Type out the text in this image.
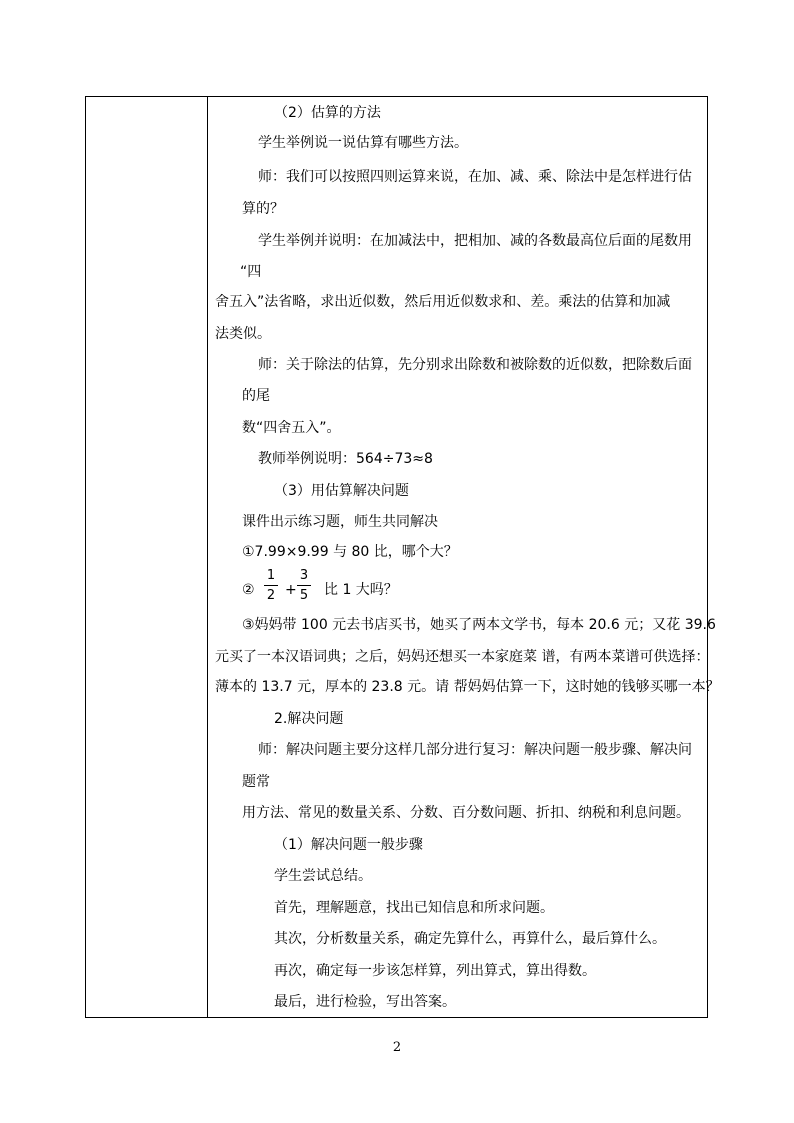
（2）估算的方法
学生举例说一说估算有哪些方法。
师：我们可以按照四则运算来说，在加、减、乘、除法中是怎样进行估
算的？
学生举例并说明：在加减法中，把相加、减的各数最高位后面的尾数用
“四
舍五入”法省略，求出近似数，然后用近似数求和、差。乘法的估算和加减
法类似。
师：关于除法的估算，先分别求出除数和被除数的近似数，把除数后面
的尾
数“四舍五入”。
教师举例说明：564÷73≈8
（3）用估算解决问题
课件出示练习题，师生共同解决
①7.99×9.99 与 80 比，哪个大？
②
1
2 +
3
5 比 1 大吗？
③妈妈带 100 元去书店买书，她买了两本文学书，每本 20.6 元；又花 39.6
元买了一本汉语词典；之后，妈妈还想买一本家庭菜 谱，有两本菜谱可供选择：
薄本的 13.7 元，厚本的 23.8 元。请 帮妈妈估算一下，这时她的钱够买哪一本？
2.解决问题
师：解决问题主要分这样几部分进行复习：解决问题一般步骤、解决问
题常
用方法、常见的数量关系、分数、百分数问题、折扣、纳税和利息问题。
（1）解决问题一般步骤
学生尝试总结。
首先，理解题意，找出已知信息和所求问题。
其次，分析数量关系，确定先算什么，再算什么，最后算什么。
再次，确定每一步该怎样算，列出算式，算出得数。
最后，进行检验，写出答案。
2
